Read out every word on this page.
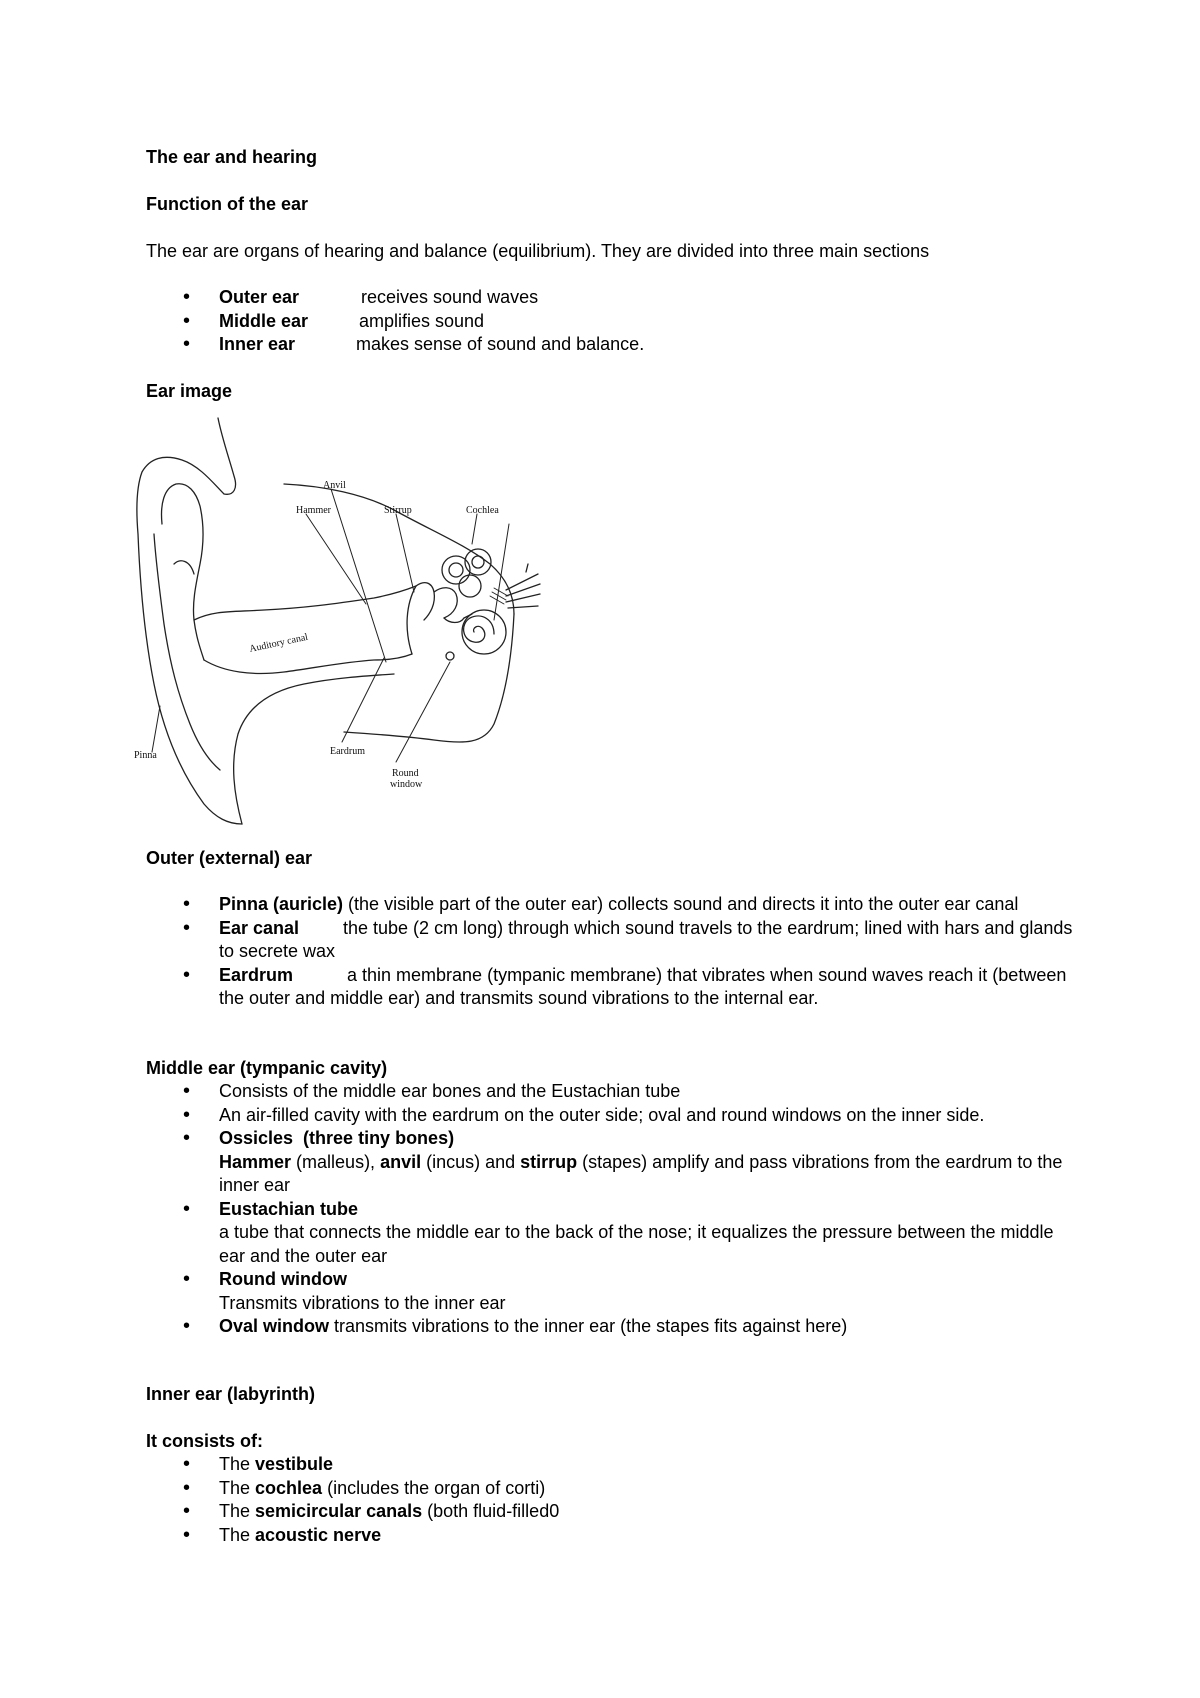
The ear and hearing

Function of the ear

The ear are organs of hearing and balance (equilibrium). They are divided into three main sections

• Outer ear	receives sound waves
• Middle ear	amplifies sound
• Inner ear	makes sense of sound and balance.

Ear image

• Pinna (auricle) (the visible part of the outer ear) collects sound and directs it into the outer ear canal
• Ear canal the tube (2 cm long) through which sound travels to the eardrum; lined with hars and glands to secrete wax
• Eardrum	a thin membrane (tympanic membrane) that vibrates when sound waves reach it (between the outer and middle ear) and transmits sound vibrations to the internal ear.

Outer (external) ear

Middle ear (tympanic cavity)

• Consists of the middle ear bones and the Eustachian tube
• An air-filled cavity with the eardrum on the outer side; oval and round windows on the inner side.
• Ossicles  (three tiny bones)
Hammer (malleus), anvil (incus) and stirrup (stapes) amplify and pass vibrations from the eardrum to the inner ear
• Eustachian tube
a tube that connects the middle ear to the back of the nose; it equalizes the pressure between the middle ear and the outer ear
• Round window
Transmits vibrations to the inner ear
• Oval window transmits vibrations to the inner ear (the stapes fits against here)

Inner ear (labyrinth)

It consists of:

• The vestibule
• The cochlea (includes the organ of corti)
• The semicircular canals (both fluid-filled0
• The acoustic nerve
Anvil
Hammer	Stirrup	Cochlea
Auditory canal
Pinna	Eardrum
Round
window
